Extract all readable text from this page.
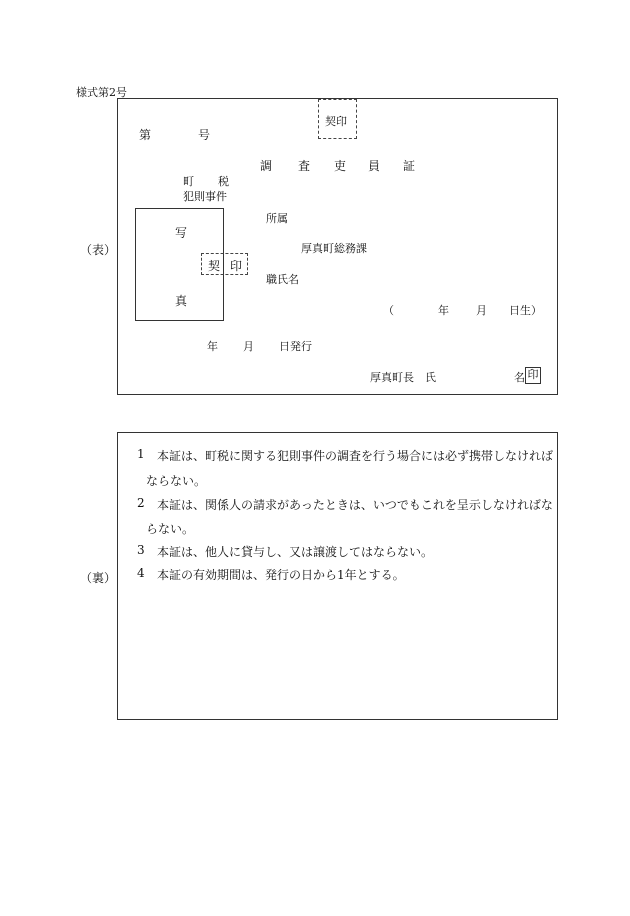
様式第2号
（表）
第	号
契印
調 査 吏 員 証
町 税
犯則事件
写
真
契 印
所属
厚真町総務課
職氏名
（	年 月 日生）
年 月 日発行
厚真町長　氏	名 印
（裏）
1 本証は、町税に関する犯則事件の調査を行う場合には必ず携帯しなければ
ならない。
2 本証は、関係人の請求があったときは、いつでもこれを呈示しなければな
らない。
3 本証は、他人に貸与し、又は譲渡してはならない。
4 本証の有効期間は、発行の日から1年とする。
